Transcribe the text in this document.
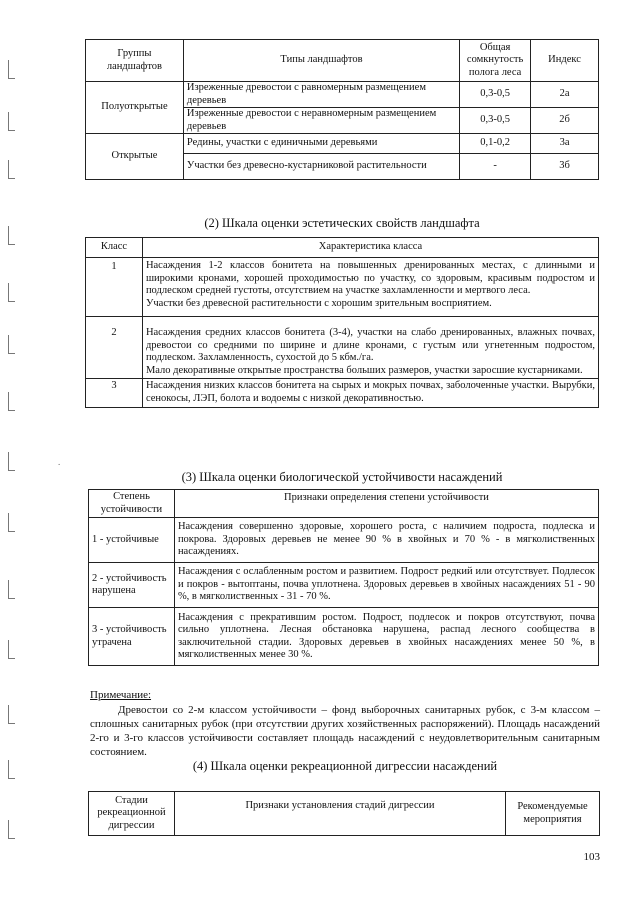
Группы ландшафтов	Типы ландшафтов	Общая сомкнутость полога леса	Индекс
Полуоткрытые	Изреженные древостои с равномерным размещением деревьев	0,3-0,5	2а
	Изреженные древостои с неравномерным размещением деревьев	0,3-0,5	2б
Открытые	Редины, участки с единичными деревьями	0,1-0,2	3а
	Участки без древесно-кустарниковой растительности	-	3б
(2) Шкала оценки эстетических свойств ландшафта
Класс	Характеристика класса
1	Насаждения 1-2 классов бонитета на повышенных дренированных местах, с длинными и широкими кронами, хорошей проходимостью по участку, со здоровым, красивым подростом и подлеском средней густоты, отсутствием на участке захламленности и мертвого леса.
Участки без древесной растительности с хорошим зрительным восприятием.

2	Насаждения средних классов бонитета (3-4), участки на слабо дренированных, влажных почвах, древостои со средними по ширине и длине кронами, с густым или угнетенным подростом, подлеском. Захламленность, сухостой до 5 кбм./га.
Мало декоративные открытые пространства больших размеров, участки заросшие кустарниками.

3	Насаждения низких классов бонитета на сырых и мокрых почвах, заболоченные участки. Вырубки, сенокосы, ЛЭП, болота и водоемы с низкой декоративностью.
.
(3) Шкала оценки биологической устойчивости насаждений
Степень устойчивости	Признаки определения степени устойчивости
1 - устойчивые	Насаждения совершенно здоровые, хорошего роста, с наличием подроста, подлеска и покрова. Здоровых деревьев не менее 90 % в хвойных и 70 % - в мягколиственных насаждениях.
2 - устойчивость нарушена	Насаждения с ослабленным ростом и развитием. Подрост редкий или отсутствует. Подлесок и покров - вытоптаны, почва уплотнена. Здоровых деревьев в хвойных насаждениях 51 - 90 %, в мягколиственных - 31 - 70 %.
3 - устойчивость утрачена	Насаждения с прекратившим ростом. Подрост, подлесок и покров отсутствуют, почва сильно уплотнена. Лесная обстановка нарушена, распад лесного сообщества в заключительной стадии. Здоровых деревьев в хвойных насаждениях менее 50 %, в мягколиственных менее 30 %.
Примечание:
Древостои со 2-м классом устойчивости – фонд выборочных санитарных рубок, с 3-м классом – сплошных санитарных рубок (при отсутствии других хозяйственных распоряжений). Площадь насаждений 2-го и 3-го классов устойчивости составляет площадь насаждений с неудовлетворительным санитарным состоянием.
(4) Шкала оценки рекреационной дигрессии насаждений
Стадии рекреационной дигрессии	Признаки установления стадий дигрессии	Рекомендуемые мероприятия
103
